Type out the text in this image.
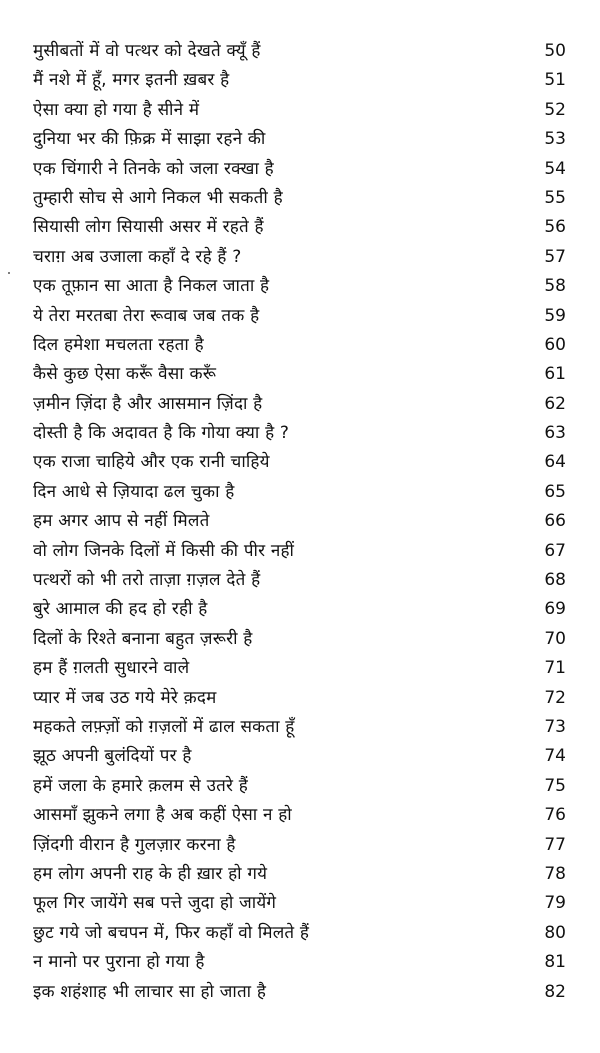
मुसीबतों में वो पत्थर को देखते क्यूँ हैं	50
मैं नशे में हूँ, मगर इतनी ख़बर है	51
ऐसा क्या हो गया है सीने में	52
दुनिया भर की फ़िक्र में साझा रहने की	53
एक चिंगारी ने तिनके को जला रक्खा है	54
तुम्हारी सोच से आगे निकल भी सकती है	55
सियासी लोग सियासी असर में रहते हैं	56
चराग़ अब उजाला कहाँ दे रहे हैं ?	57
एक तूफ़ान सा आता है निकल जाता है	58
ये तेरा मरतबा तेरा रूवाब जब तक है	59
दिल हमेशा मचलता रहता है	60
कैसे कुछ ऐसा करूँ वैसा करूँ	61
ज़मीन ज़िंदा है और आसमान ज़िंदा है	62
दोस्ती है कि अदावत है कि गोया क्या है ?	63
एक राजा चाहिये और एक रानी चाहिये	64
दिन आधे से ज़ियादा ढल चुका है	65
हम अगर आप से नहीं मिलते	66
वो लोग जिनके दिलों में किसी की पीर नहीं	67
पत्थरों को भी तरो ताज़ा ग़ज़ल देते हैं	68
बुरे आमाल की हद हो रही है	69
दिलों के रिश्ते बनाना बहुत ज़रूरी है	70
हम हैं ग़लती सुधारने वाले	71
प्यार में जब उठ गये मेरे क़दम	72
महकते लफ़्ज़ों को ग़ज़लों में ढाल सकता हूँ	73
झूठ अपनी बुलंदियों पर है	74
हमें जला के हमारे क़लम से उतरे हैं	75
आसमाँ झुकने लगा है अब कहीं ऐसा न हो	76
ज़िंदगी वीरान है गुलज़ार करना है	77
हम लोग अपनी राह के ही ख़ार हो गये	78
फूल गिर जायेंगे सब पत्ते जुदा हो जायेंगे	79
छुट गये जो बचपन में, फिर कहाँ वो मिलते हैं	80
न मानो पर पुराना हो गया है	81
इक शहंशाह भी लाचार सा हो जाता है	82
